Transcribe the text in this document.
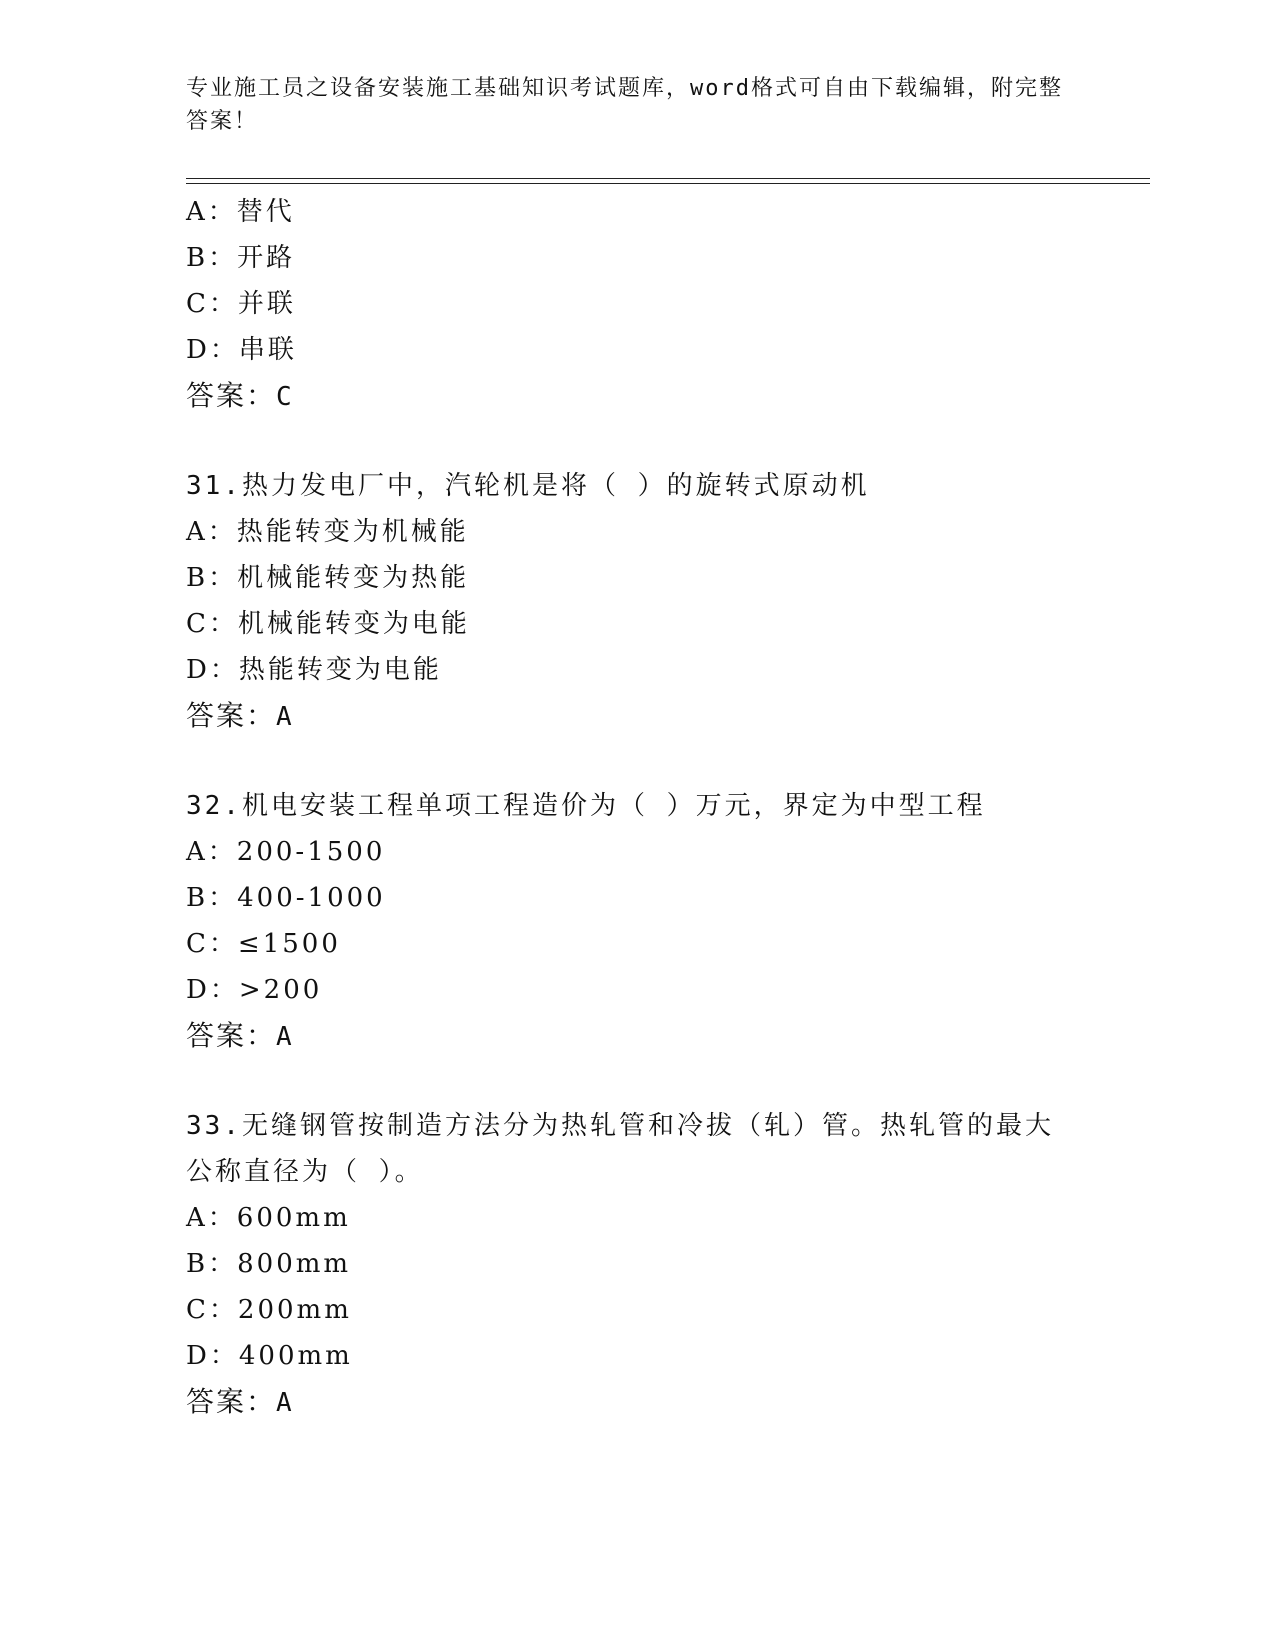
专业施工员之设备安装施工基础知识考试题库，word格式可自由下载编辑，附完整答案！
A：替代
B：开路
C：并联
D：串联
答案：C
31.热力发电厂中，汽轮机是将（ ）的旋转式原动机
A：热能转变为机械能
B：机械能转变为热能
C：机械能转变为电能
D：热能转变为电能
答案：A
32.机电安装工程单项工程造价为（ ）万元，界定为中型工程
A：200-1500
B：400-1000
C：≤1500
D：>200
答案：A
33.无缝钢管按制造方法分为热轧管和冷拔（轧）管。热轧管的最大公称直径为（ ）。
A：600mm
B：800mm
C：200mm
D：400mm
答案：A
